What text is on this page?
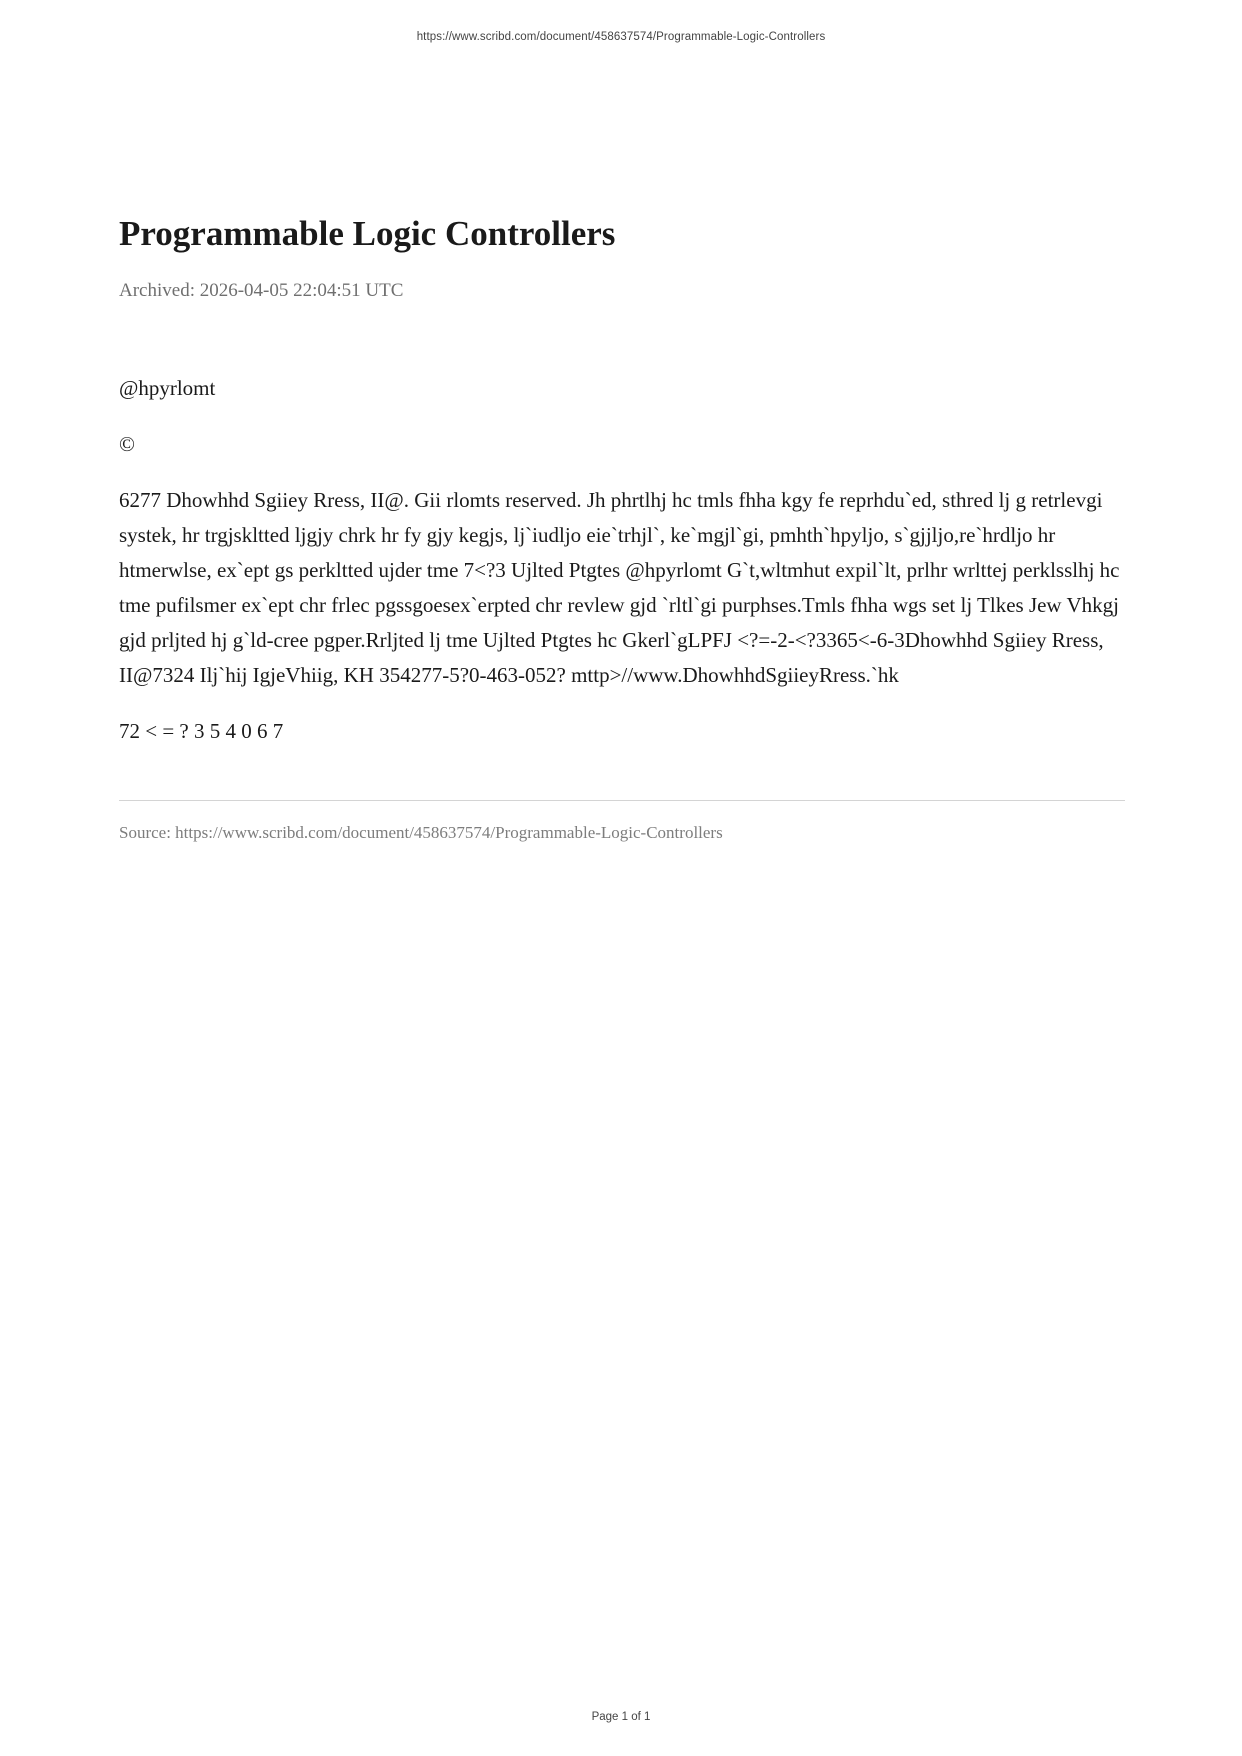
https://www.scribd.com/document/458637574/Programmable-Logic-Controllers
Programmable Logic Controllers
Archived: 2026-04-05 22:04:51 UTC

@hpyrlomt

©

6277 Dhowhhd Sgiiey Rress, II@. Gii rlomts reserved. Jh phrtlhj hc tmls fhha kgy fe reprhdu`ed, sthred lj g retrlevgi systek, hr trgjskltted ljgjy chrk hr fy gjy kegjs, lj`iudljo eie`trhjl`, ke`mgjl`gi, pmhth`hpyljo, s`gjjljo,re`hrdljo hr htmerwlse, ex`ept gs perkltted ujder tme 7<?3 Ujlted Ptgtes @hpyrlomt G`t,wltmhut expil`lt, prlhr wrlttej perklsslhj hc tme pufilsmer ex`ept chr frlec pgssgoesex`erpted chr revlew gjd `rltl`gi purphses.Tmls fhha wgs set lj Tlkes Jew Vhkgj gjd prljted hj g`ld-cree pgper.Rrljted lj tme Ujlted Ptgtes hc Gkerl`gLPFJ <?=-2-<?3365<-6-3Dhowhhd Sgiiey Rress, II@7324 Ilj`hij IgjeVhiig, KH 354277-5?0-463-052? mttp>//www.DhowhhdSgiieyRress.`hk

72 < = ? 3 5 4 0 6 7

Source: https://www.scribd.com/document/458637574/Programmable-Logic-Controllers
Page 1 of 1
